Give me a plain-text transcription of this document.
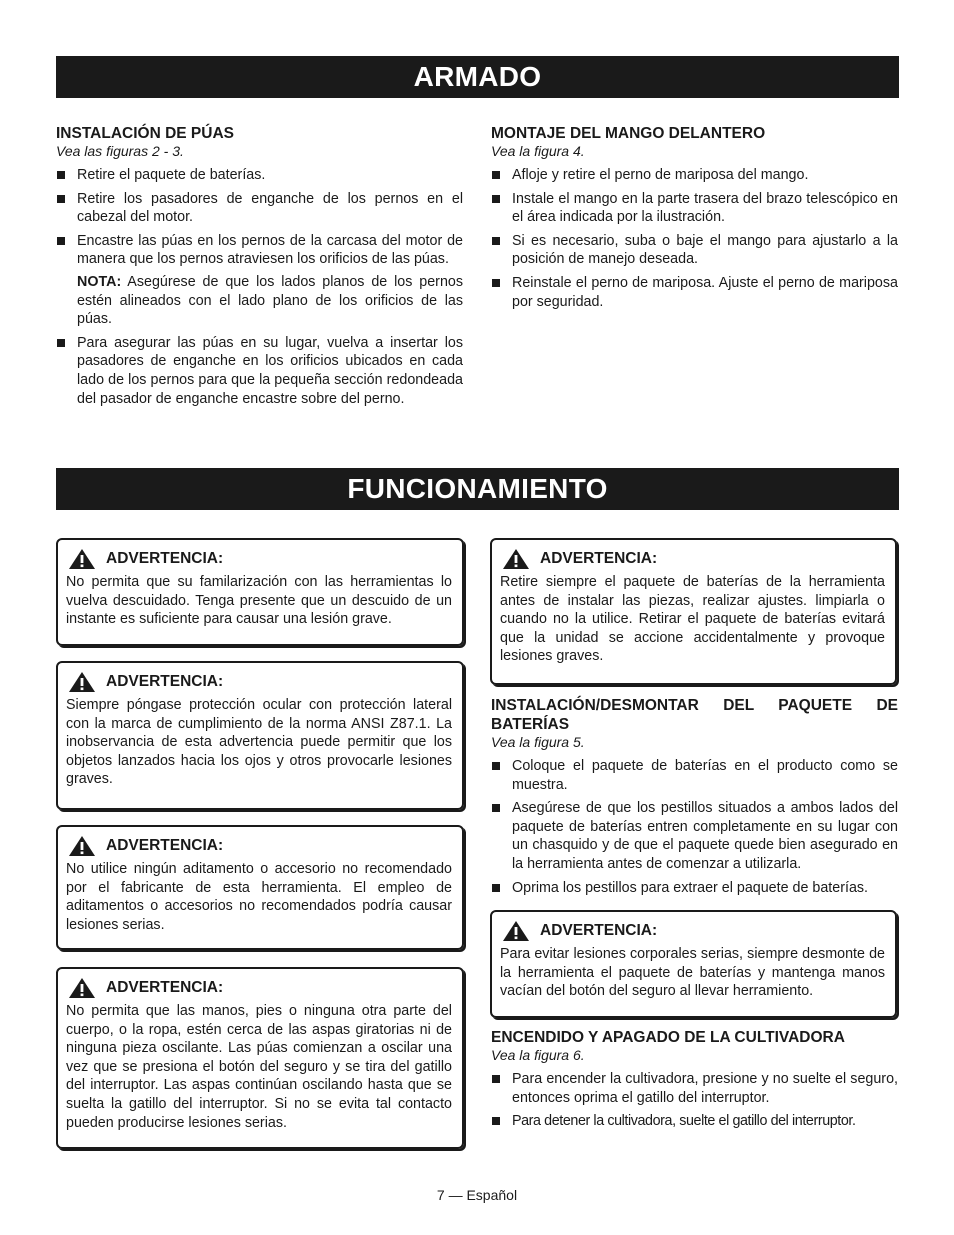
ARMADO
INSTALACIÓN DE PÚAS
Vea las figuras 2 - 3.
Retire el paquete de baterías.
Retire los pasadores de enganche de los pernos en el cabezal del motor.
Encastre las púas en los pernos de la carcasa del motor de manera que los pernos atraviesen los orificios de las púas.
NOTA: Asegúrese de que los lados planos de los pernos estén alineados con el lado plano de los orificios de las púas.
Para asegurar las púas en su lugar, vuelva a insertar los pasadores de enganche en los orificios ubicados en cada lado de los pernos para que la pequeña sección redondeada del pasador de enganche encastre sobre del perno.
MONTAJE DEL MANGO DELANTERO
Vea la figura 4.
Afloje y retire el perno de mariposa del mango.
Instale el mango en la parte trasera del brazo telescópico en el área indicada por la ilustración.
Si es necesario, suba o baje el mango para ajustarlo a la posición de manejo deseada.
Reinstale el perno de mariposa. Ajuste el perno de mariposa por seguridad.
FUNCIONAMIENTO
ADVERTENCIA:
No permita que su familarización con las herramientas lo vuelva descuidado. Tenga presente que un descuido de un instante es suficiente para causar una lesión grave.
ADVERTENCIA:
Siempre póngase protección ocular con protección lateral con la marca de cumplimiento de la norma ANSI Z87.1. La inobservancia de esta advertencia puede permitir que los objetos lanzados hacia los ojos y otros provocarle lesiones graves.
ADVERTENCIA:
No utilice ningún aditamento o accesorio no recomendado por el fabricante de esta herramienta. El empleo de aditamentos o accesorios no recomendados podría causar lesiones serias.
ADVERTENCIA:
No permita que las manos, pies o ninguna otra parte del cuerpo, o la ropa, estén cerca de las aspas giratorias ni de ninguna pieza oscilante. Las púas comienzan a oscilar una vez que se presiona el botón del seguro y se tira del gatillo del interruptor. Las aspas continúan oscilando hasta que se suelta la gatillo del interruptor. Si no se evita tal contacto pueden producirse lesiones serias.
ADVERTENCIA:
Retire siempre el paquete de baterías de la herramienta antes de instalar las piezas, realizar ajustes. limpiarla o cuando no la utilice. Retirar el paquete de baterías evitará que la unidad se accione accidentalmente y provoque lesiones graves.
INSTALACIÓN/DESMONTAR DEL PAQUETE DE BATERÍAS
Vea la figura 5.
Coloque el paquete de baterías en el producto como se muestra.
Asegúrese de que los pestillos situados a ambos lados del paquete de baterías entren completamente en su lugar con un chasquido y de que el paquete quede bien asegurado en la herramienta antes de comenzar a utilizarla.
Oprima los pestillos para extraer el paquete de baterías.
ADVERTENCIA:
Para evitar lesiones corporales serias, siempre desmonte de la herramienta el paquete de baterías y mantenga manos vacían del botón del seguro al llevar herramiento.
ENCENDIDO Y APAGADO DE LA CULTIVADORA
Vea la figura 6.
Para encender la cultivadora, presione y no suelte el seguro, entonces oprima el gatillo del interruptor.
Para detener la cultivadora, suelte el gatillo del interruptor.
7 — Español
